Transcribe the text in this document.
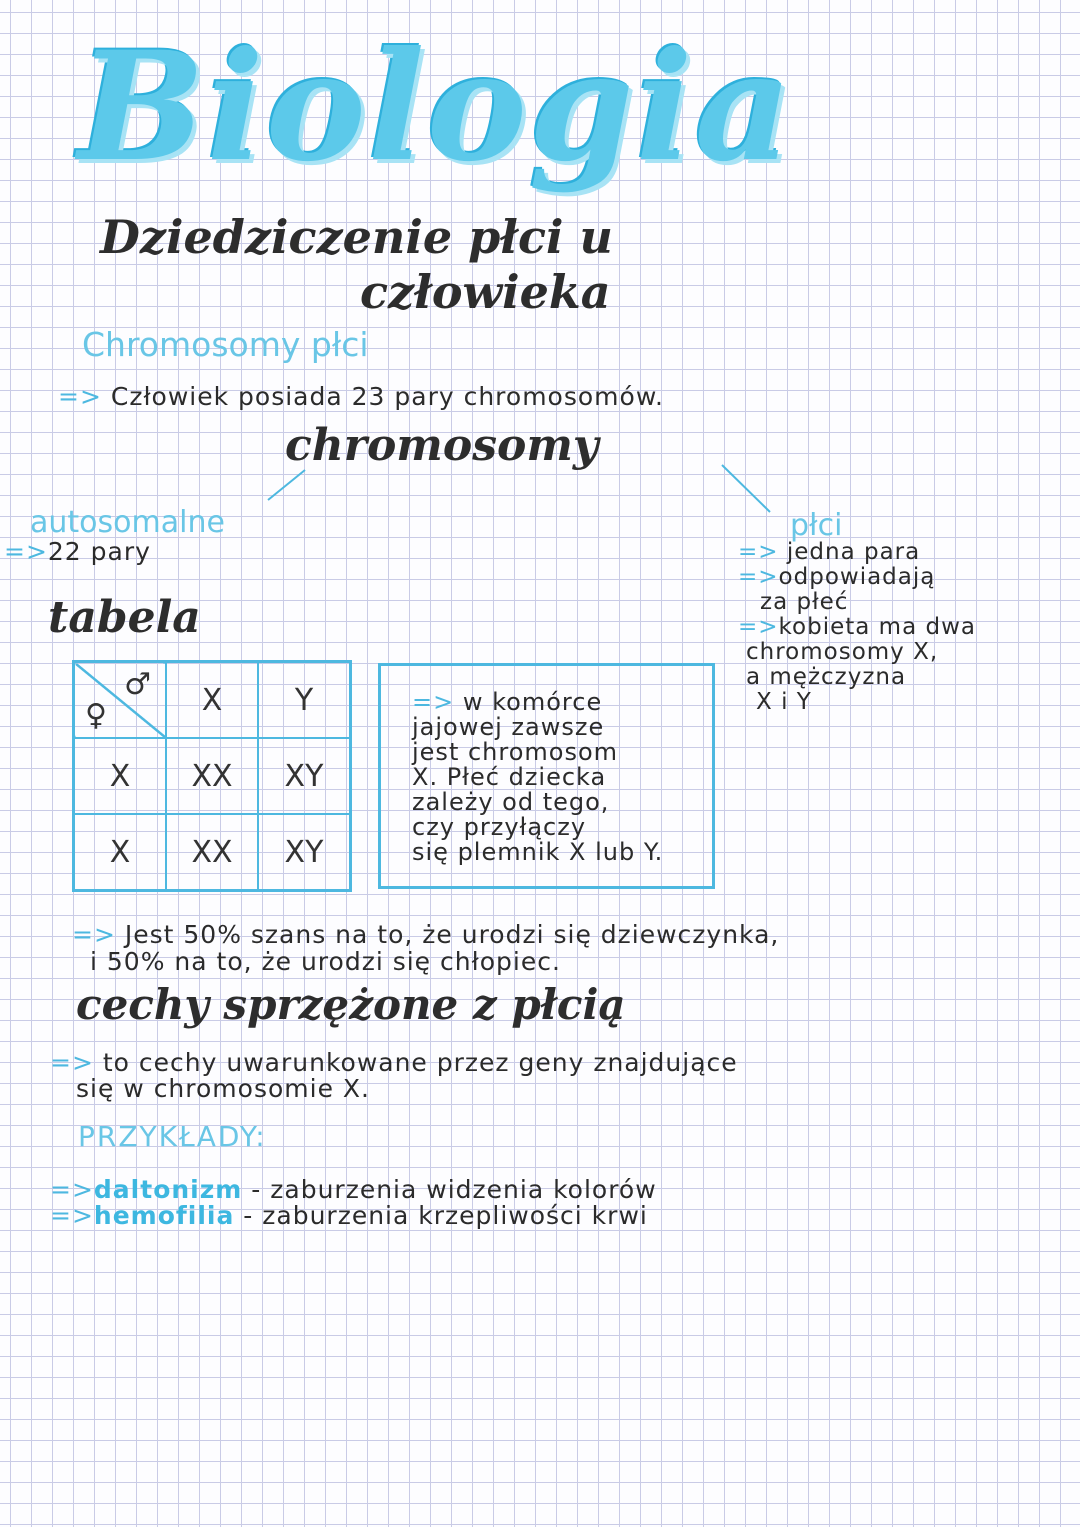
Biologia
Dziedziczenie płci u
człowieka
Chromosomy płci
=> Człowiek posiada 23 pary chromosomów.
chromosomy
autosomalne
=>22 pary
płci
=> jedna para
=>odpowiadają
za płeć
=>kobieta ma dwa
chromosomy X,
a mężczyzna
X i Y
tabela
♂
♀	X	Y
X	XX	XY
X	XX	XY
=> w komórce
jajowej zawsze
jest chromosom
X. Płeć dziecka
zależy od tego,
czy przyłączy
się plemnik X lub Y.
=> Jest 50% szans na to, że urodzi się dziewczynka,
i 50% na to, że urodzi się chłopiec.
cechy sprzężone z płcią
=> to cechy uwarunkowane przez geny znajdujące
się w chromosomie X.
PRZYKŁADY:
=>daltonizm - zaburzenia widzenia kolorów
=>hemofilia - zaburzenia krzepliwości krwi
